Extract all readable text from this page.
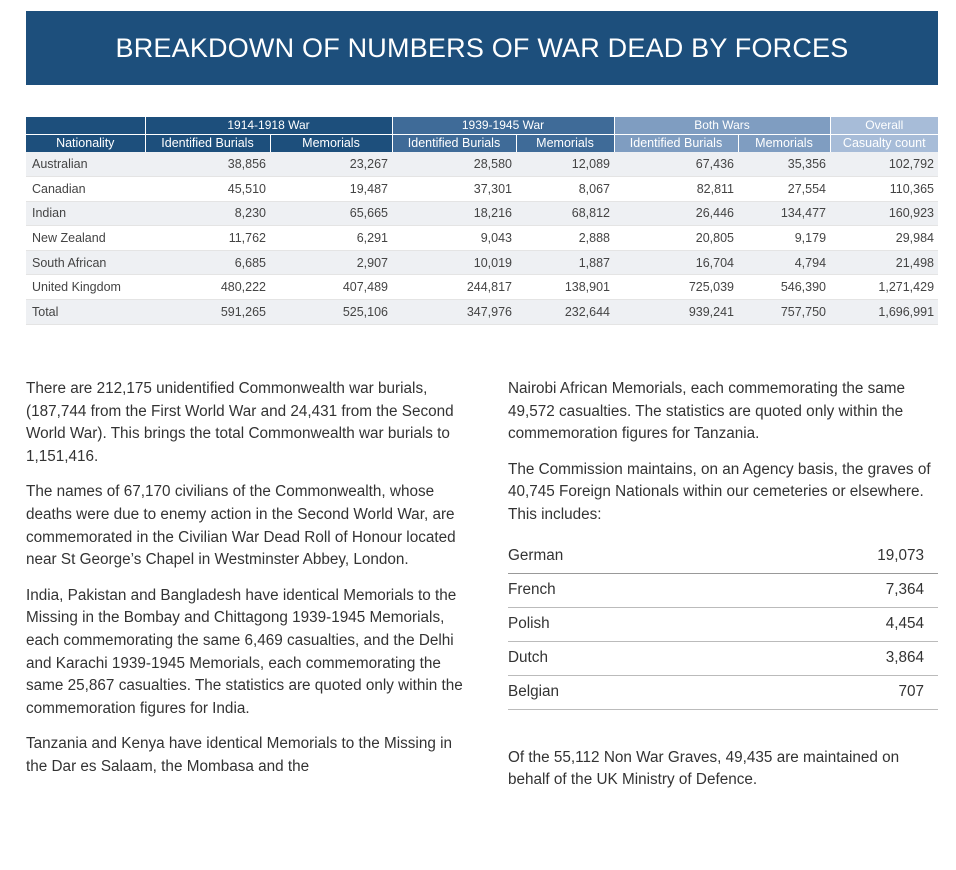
BREAKDOWN OF NUMBERS OF WAR DEAD BY FORCES
	1914-1918 War		1939-1945 War		Both Wars		Overall
Nationality	Identified Burials	Memorials	Identified Burials	Memorials	Identified Burials	Memorials	Casualty count
Australian	38,856	23,267	28,580	12,089	67,436	35,356	102,792
Canadian	45,510	19,487	37,301	8,067	82,811	27,554	110,365
Indian	8,230	65,665	18,216	68,812	26,446	134,477	160,923
New Zealand	11,762	6,291	9,043	2,888	20,805	9,179	29,984
South African	6,685	2,907	10,019	1,887	16,704	4,794	21,498
United Kingdom	480,222	407,489	244,817	138,901	725,039	546,390	1,271,429
Total	591,265	525,106	347,976	232,644	939,241	757,750	1,696,991

There are 212,175 unidentified Commonwealth war burials, (187,744 from the First World War and 24,431 from the Second World War). This brings the total Commonwealth war burials to 1,151,416.

The names of 67,170 civilians of the Commonwealth, whose deaths were due to enemy action in the Second World War, are commemorated in the Civilian War Dead Roll of Honour located near St George’s Chapel in Westminster Abbey, London.

India, Pakistan and Bangladesh have identical Memorials to the Missing in the Bombay and Chittagong 1939-1945 Memorials, each commemorating the same 6,469 casualties, and the Delhi and Karachi 1939-1945 Memorials, each commemorating the same 25,867 casualties. The statistics are quoted only within the commemoration figures for India.

Tanzania and Kenya have identical Memorials to the Missing in the Dar es Salaam, the Mombasa and the

Nairobi African Memorials, each commemorating the same 49,572 casualties. The statistics are quoted only within the commemoration figures for Tanzania.

The Commission maintains, on an Agency basis, the graves of 40,745 Foreign Nationals within our cemeteries or elsewhere. This includes:

German	19,073
French	7,364
Polish	4,454
Dutch	3,864
Belgian	707

Of the 55,112 Non War Graves, 49,435 are maintained on behalf of the UK Ministry of Defence.
